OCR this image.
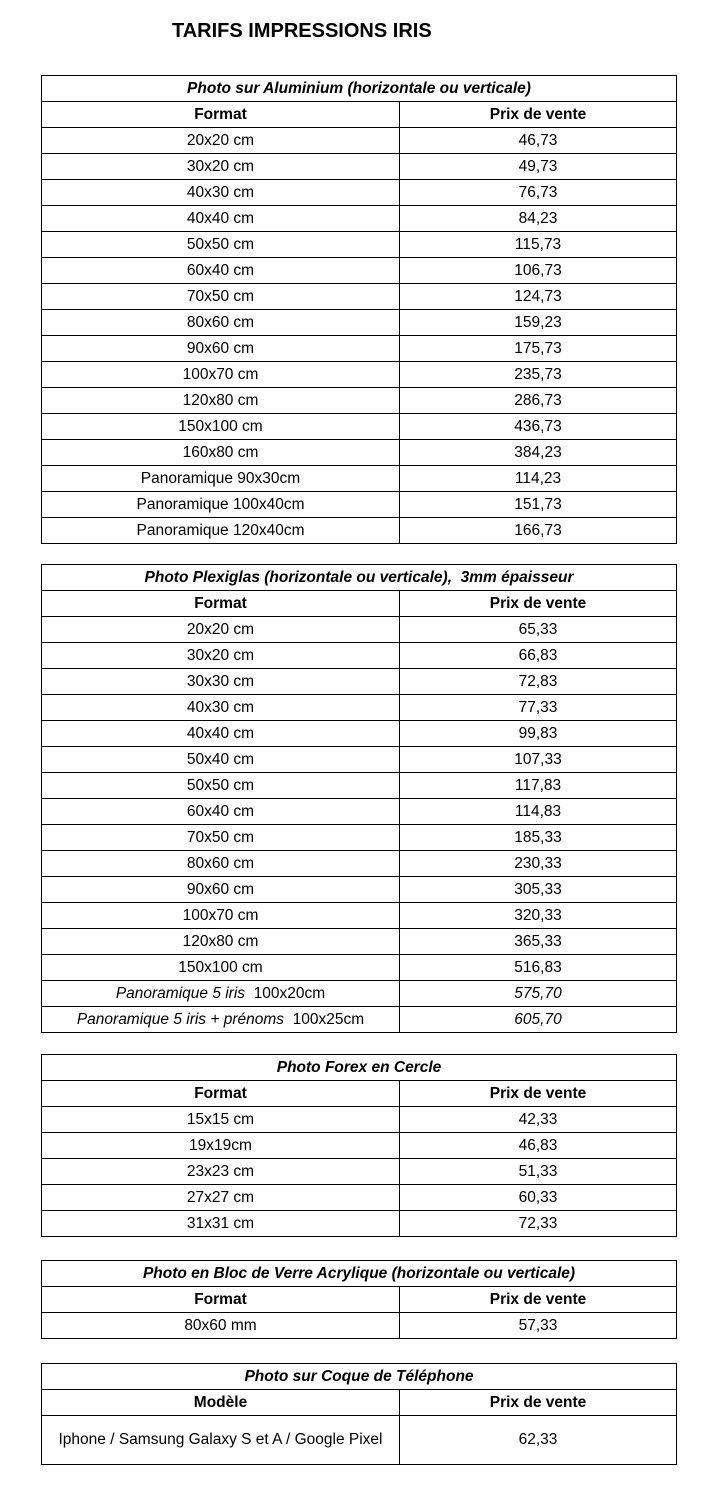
TARIFS IMPRESSIONS IRIS
Photo sur Aluminium (horizontale ou verticale)	
Format	Prix de vente
20x20 cm	46,73
30x20 cm	49,73
40x30 cm	76,73
40x40 cm	84,23
50x50 cm	115,73
60x40 cm	106,73
70x50 cm	124,73
80x60 cm	159,23
90x60 cm	175,73
100x70 cm	235,73
120x80 cm	286,73
150x100 cm	436,73
160x80 cm	384,23
Panoramique 90x30cm	114,23
Panoramique 100x40cm	151,73
Panoramique 120x40cm	166,73
Photo Plexiglas (horizontale ou verticale),  3mm épaisseur	
Format	Prix de vente
20x20 cm	65,33
30x20 cm	66,83
30x30 cm	72,83
40x30 cm	77,33
40x40 cm	99,83
50x40 cm	107,33
50x50 cm	117,83
60x40 cm	114,83
70x50 cm	185,33
80x60 cm	230,33
90x60 cm	305,33
100x70 cm	320,33
120x80 cm	365,33
150x100 cm	516,83
Panoramique 5 iris  100x20cm	575,70
Panoramique 5 iris + prénoms  100x25cm	605,70
Photo Forex en Cercle	
Format	Prix de vente
15x15 cm	42,33
19x19cm	46,83
23x23 cm	51,33
27x27 cm	60,33
31x31 cm	72,33
Photo en Bloc de Verre Acrylique (horizontale ou verticale)	
Format	Prix de vente
80x60 mm	57,33
Photo sur Coque de Téléphone	
Modèle	Prix de vente
Iphone / Samsung Galaxy S et A / Google Pixel	62,33
